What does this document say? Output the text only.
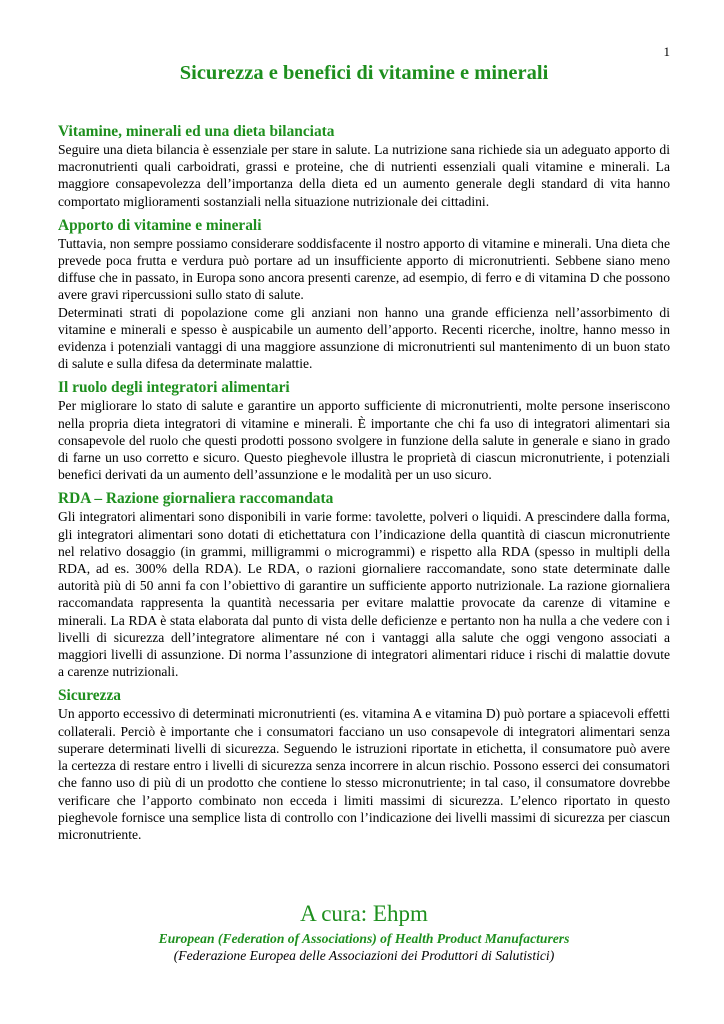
1
Sicurezza e benefici di vitamine e minerali
Vitamine, minerali ed una dieta bilanciata

Seguire una dieta bilancia è essenziale per stare in salute. La nutrizione sana richiede sia un adeguato apporto di macronutrienti quali carboidrati, grassi e proteine, che di nutrienti essenziali quali vitamine e minerali. La maggiore consapevolezza dell’importanza della dieta ed un aumento generale degli standard di vita hanno comportato miglioramenti sostanziali nella situazione nutrizionale dei cittadini.

Apporto di vitamine e minerali

Tuttavia, non sempre possiamo considerare soddisfacente il nostro apporto di vitamine e minerali. Una dieta che prevede poca frutta e verdura può portare ad un insufficiente apporto di micronutrienti. Sebbene siano meno diffuse che in passato, in Europa sono ancora presenti carenze, ad esempio, di ferro e di vitamina D che possono avere gravi ripercussioni sullo stato di salute.

Determinati strati di popolazione come gli anziani non hanno una grande efficienza nell’assorbimento di vitamine e minerali e spesso è auspicabile un aumento dell’apporto. Recenti ricerche, inoltre, hanno messo in evidenza i potenziali vantaggi di una maggiore assunzione di micronutrienti sul mantenimento di un buon stato di salute e sulla difesa da determinate malattie.

Il ruolo degli integratori alimentari

Per migliorare lo stato di salute e garantire un apporto sufficiente di micronutrienti, molte persone inseriscono nella propria dieta integratori di vitamine e minerali. È importante che chi fa uso di integratori alimentari sia consapevole del ruolo che questi prodotti possono svolgere in funzione della salute in generale e siano in grado di farne un uso corretto e sicuro. Questo pieghevole illustra le proprietà di ciascun micronutriente, i potenziali benefici derivati da un aumento dell’assunzione e le modalità per un uso sicuro.

RDA – Razione giornaliera raccomandata

Gli integratori alimentari sono disponibili in varie forme: tavolette, polveri o liquidi. A prescindere dalla forma, gli integratori alimentari sono dotati di etichettatura con l’indicazione della quantità di ciascun micronutriente nel relativo dosaggio (in grammi, milligrammi o microgrammi) e rispetto alla RDA (spesso in multipli della RDA, ad es. 300% della RDA). Le RDA, o razioni giornaliere raccomandate, sono state determinate dalle autorità più di 50 anni fa con l’obiettivo di garantire un sufficiente apporto nutrizionale. La razione giornaliera raccomandata rappresenta la quantità necessaria per evitare malattie provocate da carenze di vitamine e minerali. La RDA è stata elaborata dal punto di vista delle deficienze e pertanto non ha nulla a che vedere con i livelli di sicurezza dell’integratore alimentare né con i vantaggi alla salute che oggi vengono associati a maggiori livelli di assunzione. Di norma l’assunzione di integratori alimentari riduce i rischi di malattie dovute a carenze nutrizionali.

Sicurezza

Un apporto eccessivo di determinati micronutrienti (es. vitamina A e vitamina D) può portare a spiacevoli effetti collaterali. Perciò è importante che i consumatori facciano un uso consapevole di integratori alimentari senza superare determinati livelli di sicurezza. Seguendo le istruzioni riportate in etichetta, il consumatore può avere la certezza di restare entro i livelli di sicurezza senza incorrere in alcun rischio. Possono esserci dei consumatori che fanno uso di più di un prodotto che contiene lo stesso micronutriente; in tal caso, il consumatore dovrebbe verificare che l’apporto combinato non ecceda i limiti massimi di sicurezza. L’elenco riportato in questo pieghevole fornisce una semplice lista di controllo con l’indicazione dei livelli massimi di sicurezza per ciascun micronutriente.

A cura: Ehpm

European (Federation of Associations) of Health Product Manufacturers

(Federazione Europea delle Associazioni dei Produttori di Salutistici)
